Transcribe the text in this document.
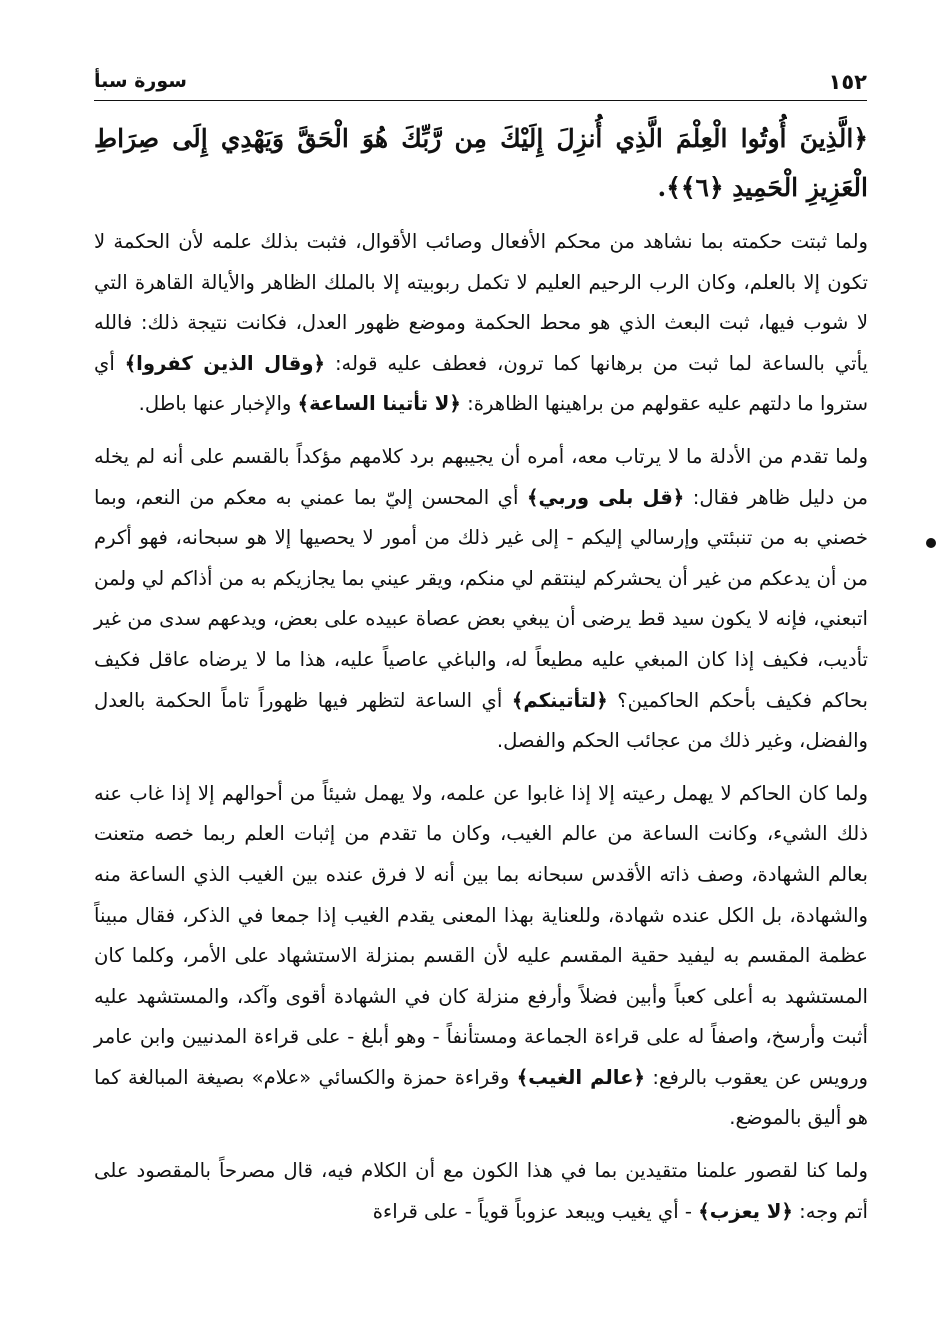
١٥٢
سورة سبأ

﴿الَّذِينَ أُوتُوا الْعِلْمَ الَّذِي أُنزِلَ إِلَيْكَ مِن رَّبِّكَ هُوَ الْحَقَّ وَيَهْدِي إِلَى صِرَاطِ الْعَزِيزِ الْحَمِيدِ ﴿٦﴾﴾.

ولما ثبتت حكمته بما نشاهد من محكم الأفعال وصائب الأقوال، فثبت بذلك علمه لأن الحكمة لا تكون إلا بالعلم، وكان الرب الرحيم العليم لا تكمل ربوبيته إلا بالملك الظاهر والأيالة القاهرة التي لا شوب فيها، ثبت البعث الذي هو محط الحكمة وموضع ظهور العدل، فكانت نتيجة ذلك: فالله يأتي بالساعة لما ثبت من برهانها كما ترون، فعطف عليه قوله: ﴿وقال الذين كفروا﴾ أي ستروا ما دلتهم عليه عقولهم من براهينها الظاهرة: ﴿لا تأتينا الساعة﴾ والإخبار عنها باطل.

ولما تقدم من الأدلة ما لا يرتاب معه، أمره أن يجيبهم برد كلامهم مؤكداً بالقسم على أنه لم يخله من دليل ظاهر فقال: ﴿قل بلى وربي﴾ أي المحسن إليّ بما عمني به معكم من النعم، وبما خصني به من تنبئتي وإرسالي إليكم - إلى غير ذلك من أمور لا يحصيها إلا هو سبحانه، فهو أكرم من أن يدعكم من غير أن يحشركم لينتقم لي منكم، ويقر عيني بما يجازيكم به من أذاكم لي ولمن اتبعني، فإنه لا يكون سيد قط يرضى أن يبغي بعض عصاة عبيده على بعض، ويدعهم سدى من غير تأديب، فكيف إذا كان المبغي عليه مطيعاً له، والباغي عاصياً عليه، هذا ما لا يرضاه عاقل فكيف بحاكم فكيف بأحكم الحاكمين؟ ﴿لتأتينكم﴾ أي الساعة لتظهر فيها ظهوراً تاماً الحكمة بالعدل والفضل، وغير ذلك من عجائب الحكم والفصل.

ولما كان الحاكم لا يهمل رعيته إلا إذا غابوا عن علمه، ولا يهمل شيئاً من أحوالهم إلا إذا غاب عنه ذلك الشيء، وكانت الساعة من عالم الغيب، وكان ما تقدم من إثبات العلم ربما خصه متعنت بعالم الشهادة، وصف ذاته الأقدس سبحانه بما بين أنه لا فرق عنده بين الغيب الذي الساعة منه والشهادة، بل الكل عنده شهادة، وللعناية بهذا المعنى يقدم الغيب إذا جمعا في الذكر، فقال مبيناً عظمة المقسم به ليفيد حقية المقسم عليه لأن القسم بمنزلة الاستشهاد على الأمر، وكلما كان المستشهد به أعلى كعباً وأبين فضلاً وأرفع منزلة كان في الشهادة أقوى وآكد، والمستشهد عليه أثبت وأرسخ، واصفاً له على قراءة الجماعة ومستأنفاً - وهو أبلغ - على قراءة المدنيين وابن عامر ورويس عن يعقوب بالرفع: ﴿عالم الغيب﴾ وقراءة حمزة والكسائي «علام» بصيغة المبالغة كما هو أليق بالموضع.

ولما كنا لقصور علمنا متقيدين بما في هذا الكون مع أن الكلام فيه، قال مصرحاً بالمقصود على أتم وجه: ﴿لا يعزب﴾ - أي يغيب ويبعد عزوباً قوياً - على قراءة
